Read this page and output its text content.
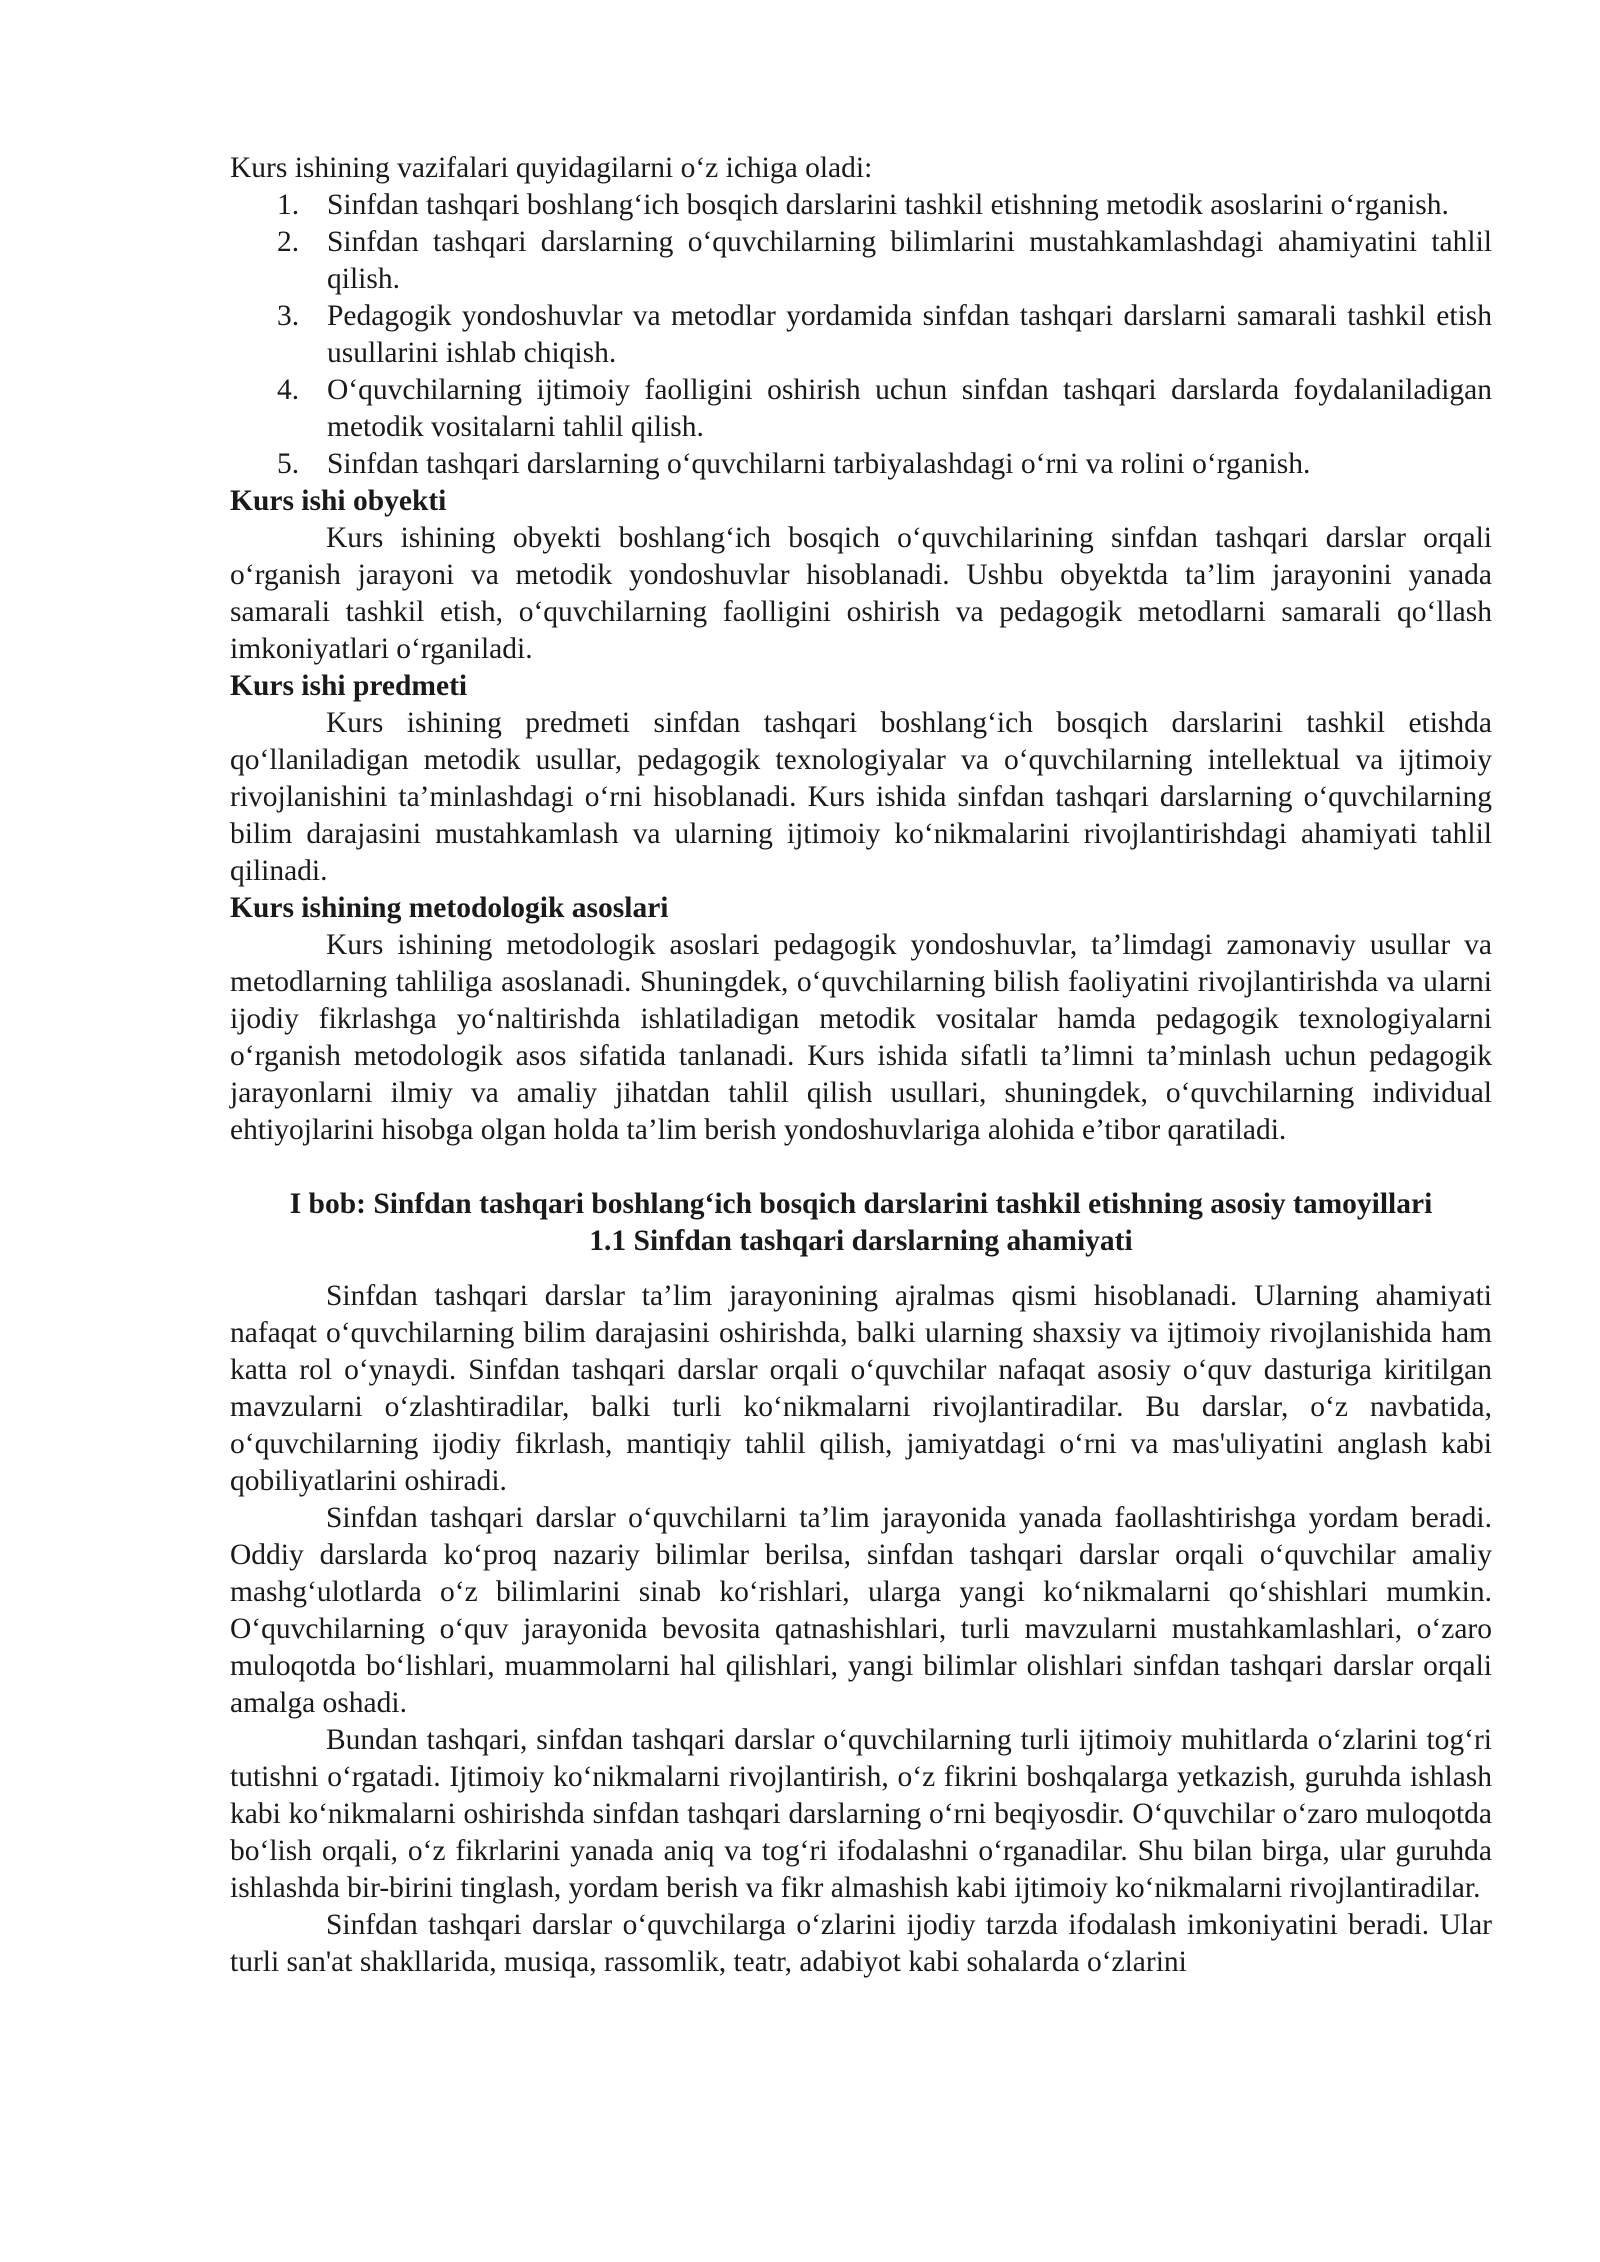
Kurs ishining vazifalari quyidagilarni oʻz ichiga oladi:

1. Sinfdan tashqari boshlangʻich bosqich darslarini tashkil etishning metodik asoslarini oʻrganish.
2. Sinfdan tashqari darslarning oʻquvchilarning bilimlarini mustahkamlashdagi ahamiyatini tahlil qilish.
3. Pedagogik yondoshuvlar va metodlar yordamida sinfdan tashqari darslarni samarali tashkil etish usullarini ishlab chiqish.
4. Oʻquvchilarning ijtimoiy faolligini oshirish uchun sinfdan tashqari darslarda foydalaniladigan metodik vositalarni tahlil qilish.
5. Sinfdan tashqari darslarning oʻquvchilarni tarbiyalashdagi oʻrni va rolini oʻrganish.
Kurs ishi obyekti

Kurs ishining obyekti boshlangʻich bosqich oʻquvchilarining sinfdan tashqari darslar orqali oʻrganish jarayoni va metodik yondoshuvlar hisoblanadi. Ushbu obyektda ta’lim jarayonini yanada samarali tashkil etish, oʻquvchilarning faolligini oshirish va pedagogik metodlarni samarali qoʻllash imkoniyatlari oʻrganiladi.

Kurs ishi predmeti

Kurs ishining predmeti sinfdan tashqari boshlangʻich bosqich darslarini tashkil etishda qoʻllaniladigan metodik usullar, pedagogik texnologiyalar va oʻquvchilarning intellektual va ijtimoiy rivojlanishini ta’minlashdagi oʻrni hisoblanadi. Kurs ishida sinfdan tashqari darslarning oʻquvchilarning bilim darajasini mustahkamlash va ularning ijtimoiy koʻnikmalarini rivojlantirishdagi ahamiyati tahlil qilinadi.

Kurs ishining metodologik asoslari

Kurs ishining metodologik asoslari pedagogik yondoshuvlar, ta’limdagi zamonaviy usullar va metodlarning tahliliga asoslanadi. Shuningdek, oʻquvchilarning bilish faoliyatini rivojlantirishda va ularni ijodiy fikrlashga yoʻnaltirishda ishlatiladigan metodik vositalar hamda pedagogik texnologiyalarni oʻrganish metodologik asos sifatida tanlanadi. Kurs ishida sifatli ta’limni ta’minlash uchun pedagogik jarayonlarni ilmiy va amaliy jihatdan tahlil qilish usullari, shuningdek, oʻquvchilarning individual ehtiyojlarini hisobga olgan holda ta’lim berish yondoshuvlariga alohida e’tibor qaratiladi.

I bob: Sinfdan tashqari boshlangʻich bosqich darslarini tashkil etishning asosiy tamoyillari
1.1 Sinfdan tashqari darslarning ahamiyati

Sinfdan tashqari darslar ta’lim jarayonining ajralmas qismi hisoblanadi. Ularning ahamiyati nafaqat oʻquvchilarning bilim darajasini oshirishda, balki ularning shaxsiy va ijtimoiy rivojlanishida ham katta rol oʻynaydi. Sinfdan tashqari darslar orqali oʻquvchilar nafaqat asosiy oʻquv dasturiga kiritilgan mavzularni oʻzlashtiradilar, balki turli koʻnikmalarni rivojlantiradilar. Bu darslar, oʻz navbatida, oʻquvchilarning ijodiy fikrlash, mantiqiy tahlil qilish, jamiyatdagi oʻrni va mas'uliyatini anglash kabi qobiliyatlarini oshiradi.

Sinfdan tashqari darslar oʻquvchilarni ta’lim jarayonida yanada faollashtirishga yordam beradi. Oddiy darslarda koʻproq nazariy bilimlar berilsa, sinfdan tashqari darslar orqali oʻquvchilar amaliy mashgʻulotlarda oʻz bilimlarini sinab koʻrishlari, ularga yangi koʻnikmalarni qoʻshishlari mumkin. Oʻquvchilarning oʻquv jarayonida bevosita qatnashishlari, turli mavzularni mustahkamlashlari, oʻzaro muloqotda boʻlishlari, muammolarni hal qilishlari, yangi bilimlar olishlari sinfdan tashqari darslar orqali amalga oshadi.

Bundan tashqari, sinfdan tashqari darslar oʻquvchilarning turli ijtimoiy muhitlarda oʻzlarini togʻri tutishni oʻrgatadi. Ijtimoiy koʻnikmalarni rivojlantirish, oʻz fikrini boshqalarga yetkazish, guruhda ishlash kabi koʻnikmalarni oshirishda sinfdan tashqari darslarning oʻrni beqiyosdir. Oʻquvchilar oʻzaro muloqotda boʻlish orqali, oʻz fikrlarini yanada aniq va togʻri ifodalashni oʻrganadilar. Shu bilan birga, ular guruhda ishlashda bir-birini tinglash, yordam berish va fikr almashish kabi ijtimoiy koʻnikmalarni rivojlantiradilar.

Sinfdan tashqari darslar oʻquvchilarga oʻzlarini ijodiy tarzda ifodalash imkoniyatini beradi. Ular turli san'at shakllarida, musiqa, rassomlik, teatr, adabiyot kabi sohalarda oʻzlarini
